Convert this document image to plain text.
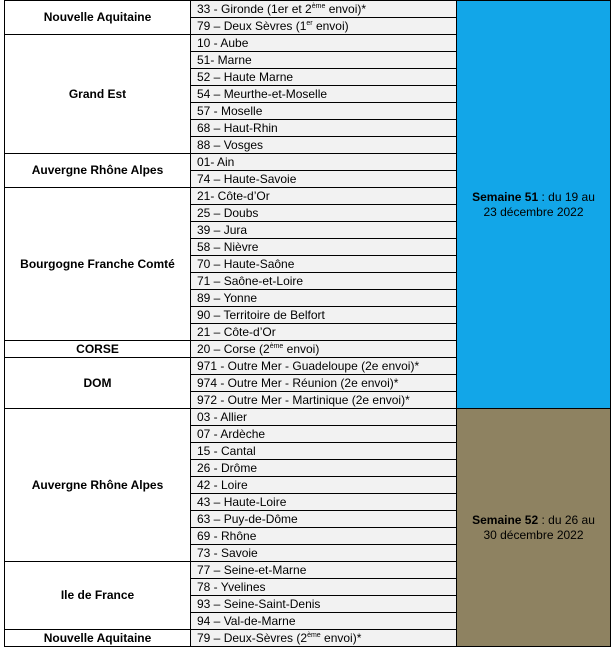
Nouvelle Aquitaine	33 - Gironde (1er et 2ème envoi)*	Semaine 51 : du 19 au
23 décembre 2022
	79 – Deux Sèvres (1er envoi)	
Grand Est	10 - Aube	
	51- Marne	
	52 – Haute Marne	
	54 – Meurthe-et-Moselle	
	57 - Moselle	
	68 – Haut-Rhin	
	88 – Vosges	
Auvergne Rhône Alpes	01- Ain	
	74 – Haute-Savoie	
Bourgogne Franche Comté	21- Côte-d’Or	
	25 – Doubs	
	39 – Jura	
	58 – Nièvre	
	70 – Haute-Saône	
	71 – Saône-et-Loire	
	89 – Yonne	
	90 – Territoire de Belfort	
	21 – Côte-d’Or	
CORSE	20 – Corse (2ème envoi)	
DOM	971 - Outre Mer - Guadeloupe (2e envoi)*	
	974 - Outre Mer - Réunion (2e envoi)*	
	972 - Outre Mer - Martinique (2e envoi)*	
Auvergne Rhône Alpes	03 - Allier	Semaine 52 : du 26 au
30 décembre 2022
	07 - Ardèche	
	15 - Cantal	
	26 - Drôme	
	42 - Loire	
	43 – Haute-Loire	
	63 – Puy-de-Dôme	
	69 - Rhône	
	73 - Savoie	
Ile de France	77 – Seine-et-Marne	
	78 - Yvelines	
	93 – Seine-Saint-Denis	
	94 – Val-de-Marne	
Nouvelle Aquitaine	79 – Deux-Sèvres (2ème envoi)*	
